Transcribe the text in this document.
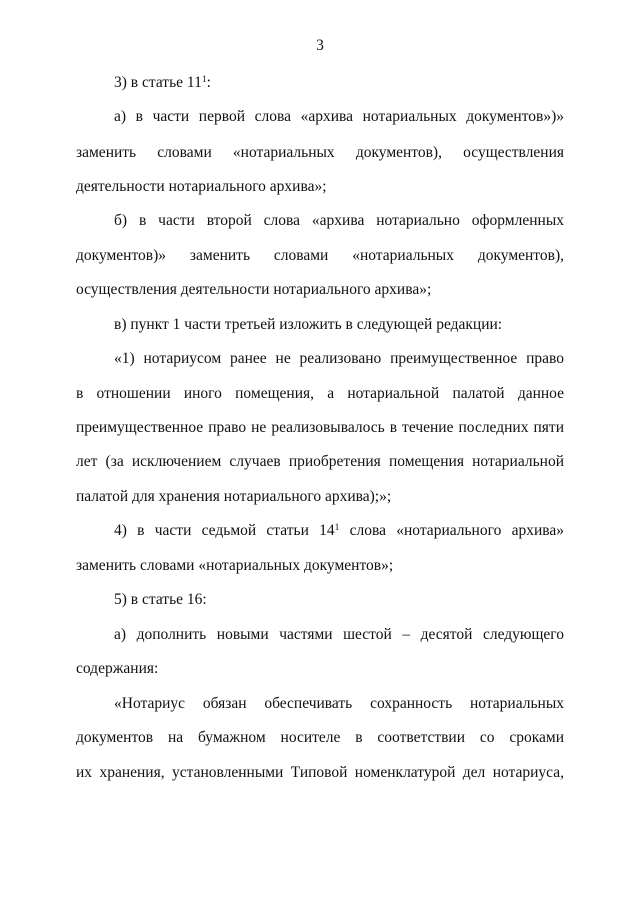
3
3) в статье $11^1$:
а) в части первой слова «архива нотариальных документов»)»
заменить словами «нотариальных документов), осуществления
деятельности нотариального архива»;
б) в части второй слова «архива нотариально оформленных
документов)» заменить словами «нотариальных документов),
осуществления деятельности нотариального архива»;
в) пункт 1 части третьей изложить в следующей редакции:
«1) нотариусом ранее не реализовано преимущественное право
в отношении иного помещения, а нотариальной палатой данное
преимущественное право не реализовывалось в течение последних пяти
лет (за исключением случаев приобретения помещения нотариальной
палатой для хранения нотариального архива);»;
4) в части седьмой статьи $14^1$ слова «нотариального архива»
заменить словами «нотариальных документов»;
5) в статье 16:
а) дополнить новыми частями шестой – десятой следующего
содержания:
«Нотариус обязан обеспечивать сохранность нотариальных
документов на бумажном носителе в соответствии со сроками
их хранения, установленными Типовой номенклатурой дел нотариуса,
